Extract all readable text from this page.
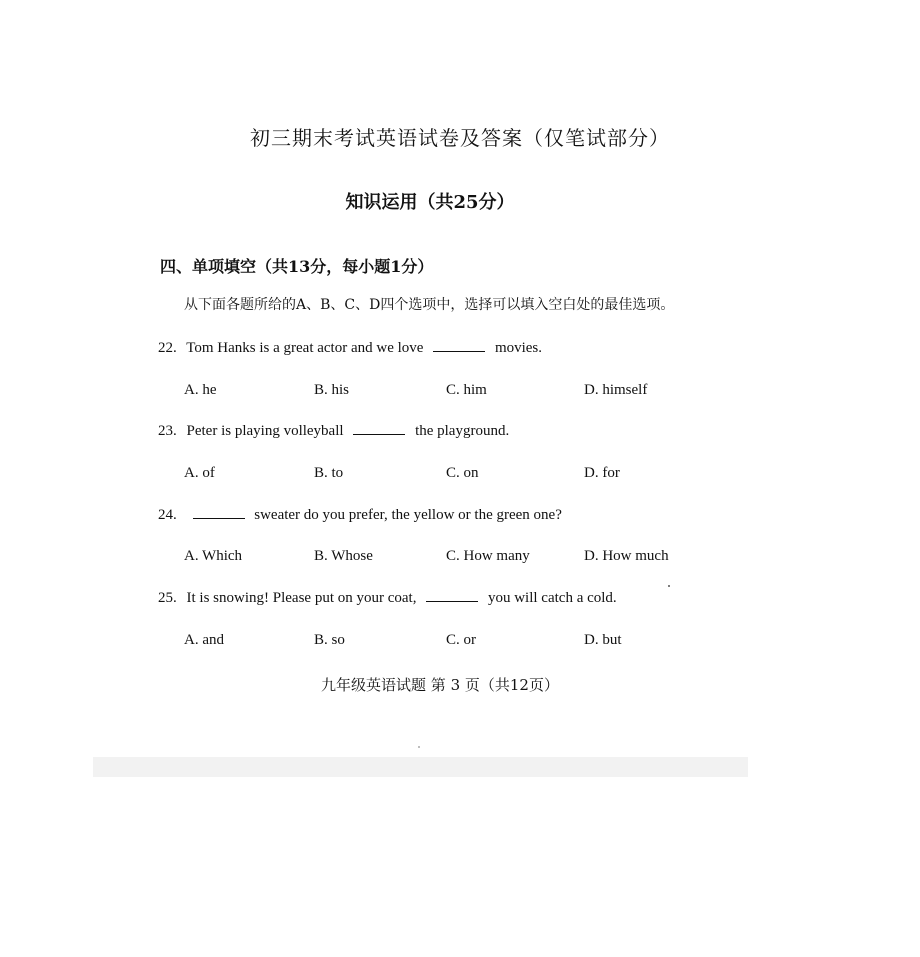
初三期末考试英语试卷及答案（仅笔试部分）
知识运用（共25分）
四、单项填空（共13分，每小题1分）
从下面各题所给的A、B、C、D四个选项中，选择可以填入空白处的最佳选项。
22. Tom Hanks is a great actor and we love	movies.
A. he	B. his	C. him	D. himself
23. Peter is playing volleyball	the playground.
A. of	B. to	C. on	D. for
24.	sweater do you prefer, the yellow or the green one?
A. Which	B. Whose	C. How many	D. How much
25. It is snowing! Please put on your coat,	you will catch a cold.
A. and	B. so	C. or	D. but
九年级英语试题 第 3 页（共12页）
